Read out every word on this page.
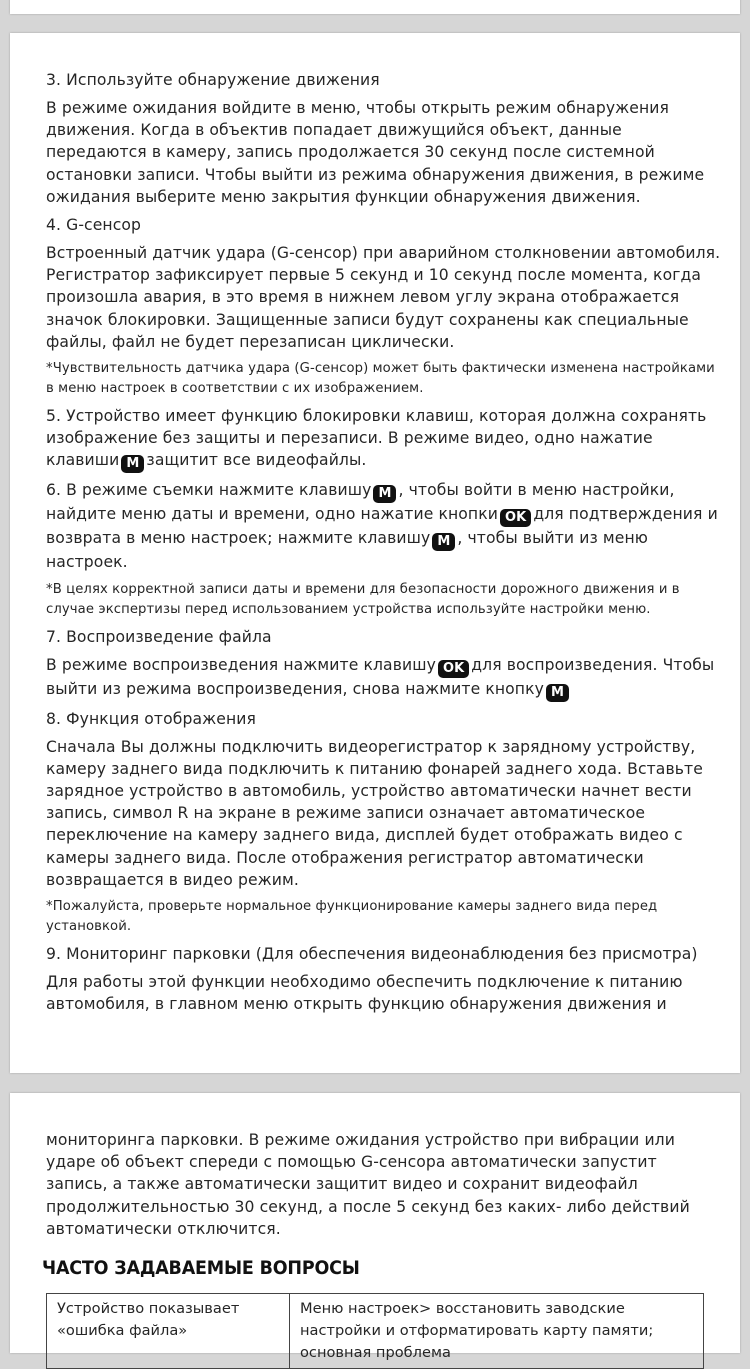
3. Используйте обнаружение движения
В режиме ожидания войдите в меню, чтобы открыть режим обнаружения движения. Когда в объектив попадает движущийся объект, данные передаются в камеру, запись продолжается 30 секунд после системной остановки записи. Чтобы выйти из режима обнаружения движения, в режиме ожидания выберите меню закрытия функции обнаружения движения.
4. G-сенсор
Встроенный датчик удара (G-сенсор) при аварийном столкновении автомобиля. Регистратор зафиксирует первые 5 секунд и 10 секунд после момента, когда произошла авария, в это время в нижнем левом углу экрана отображается значок блокировки. Защищенные записи будут сохранены как специальные файлы, файл не будет перезаписан циклически.
*Чувствительность датчика удара (G-сенсор) может быть фактически изменена настройками в меню настроек в соответствии с их изображением.
5. Устройство имеет функцию блокировки клавиш, которая должна сохранять изображение без защиты и перезаписи. В режиме видео, одно нажатие клавиши M защитит все видеофайлы.
6. В режиме съемки нажмите клавишу M , чтобы войти в меню настройки, найдите меню даты и времени, одно нажатие кнопки OK для подтверждения и возврата в меню настроек; нажмите клавишу M , чтобы выйти из меню настроек.
*В целях корректной записи даты и времени для безопасности дорожного движения и в случае экспертизы перед использованием устройства используйте настройки меню.
7. Воспроизведение файла
В режиме воспроизведения нажмите клавишу OK для воспроизведения. Чтобы выйти из режима воспроизведения, снова нажмите кнопку M
8. Функция отображения
Сначала Вы должны подключить видеорегистратор к зарядному устройству, камеру заднего вида подключить к питанию фонарей заднего хода. Вставьте зарядное устройство в автомобиль, устройство автоматически начнет вести запись, символ R на экране в режиме записи означает автоматическое переключение на камеру заднего вида, дисплей будет отображать видео с камеры заднего вида. После отображения регистратор автоматически возвращается в видео режим.
*Пожалуйста, проверьте нормальное функционирование камеры заднего вида перед установкой.
9. Мониторинг парковки (Для обеспечения видеонаблюдения без присмотра)
Для работы этой функции необходимо обеспечить подключение к питанию автомобиля, в главном меню открыть функцию обнаружения движения и
мониторинга парковки. В режиме ожидания устройство при вибрации или ударе об объект спереди с помощью G-сенсора автоматически запустит запись, а также автоматически защитит видео и сохранит видеофайл продолжительностью 30 секунд, а после 5 секунд без каких- либо действий автоматически отключится.
ЧАСТО ЗАДАВАЕМЫЕ ВОПРОСЫ
Устройство показывает «ошибка файла»	Меню настроек> восстановить заводские настройки и отформатировать карту памяти; основная проблема
